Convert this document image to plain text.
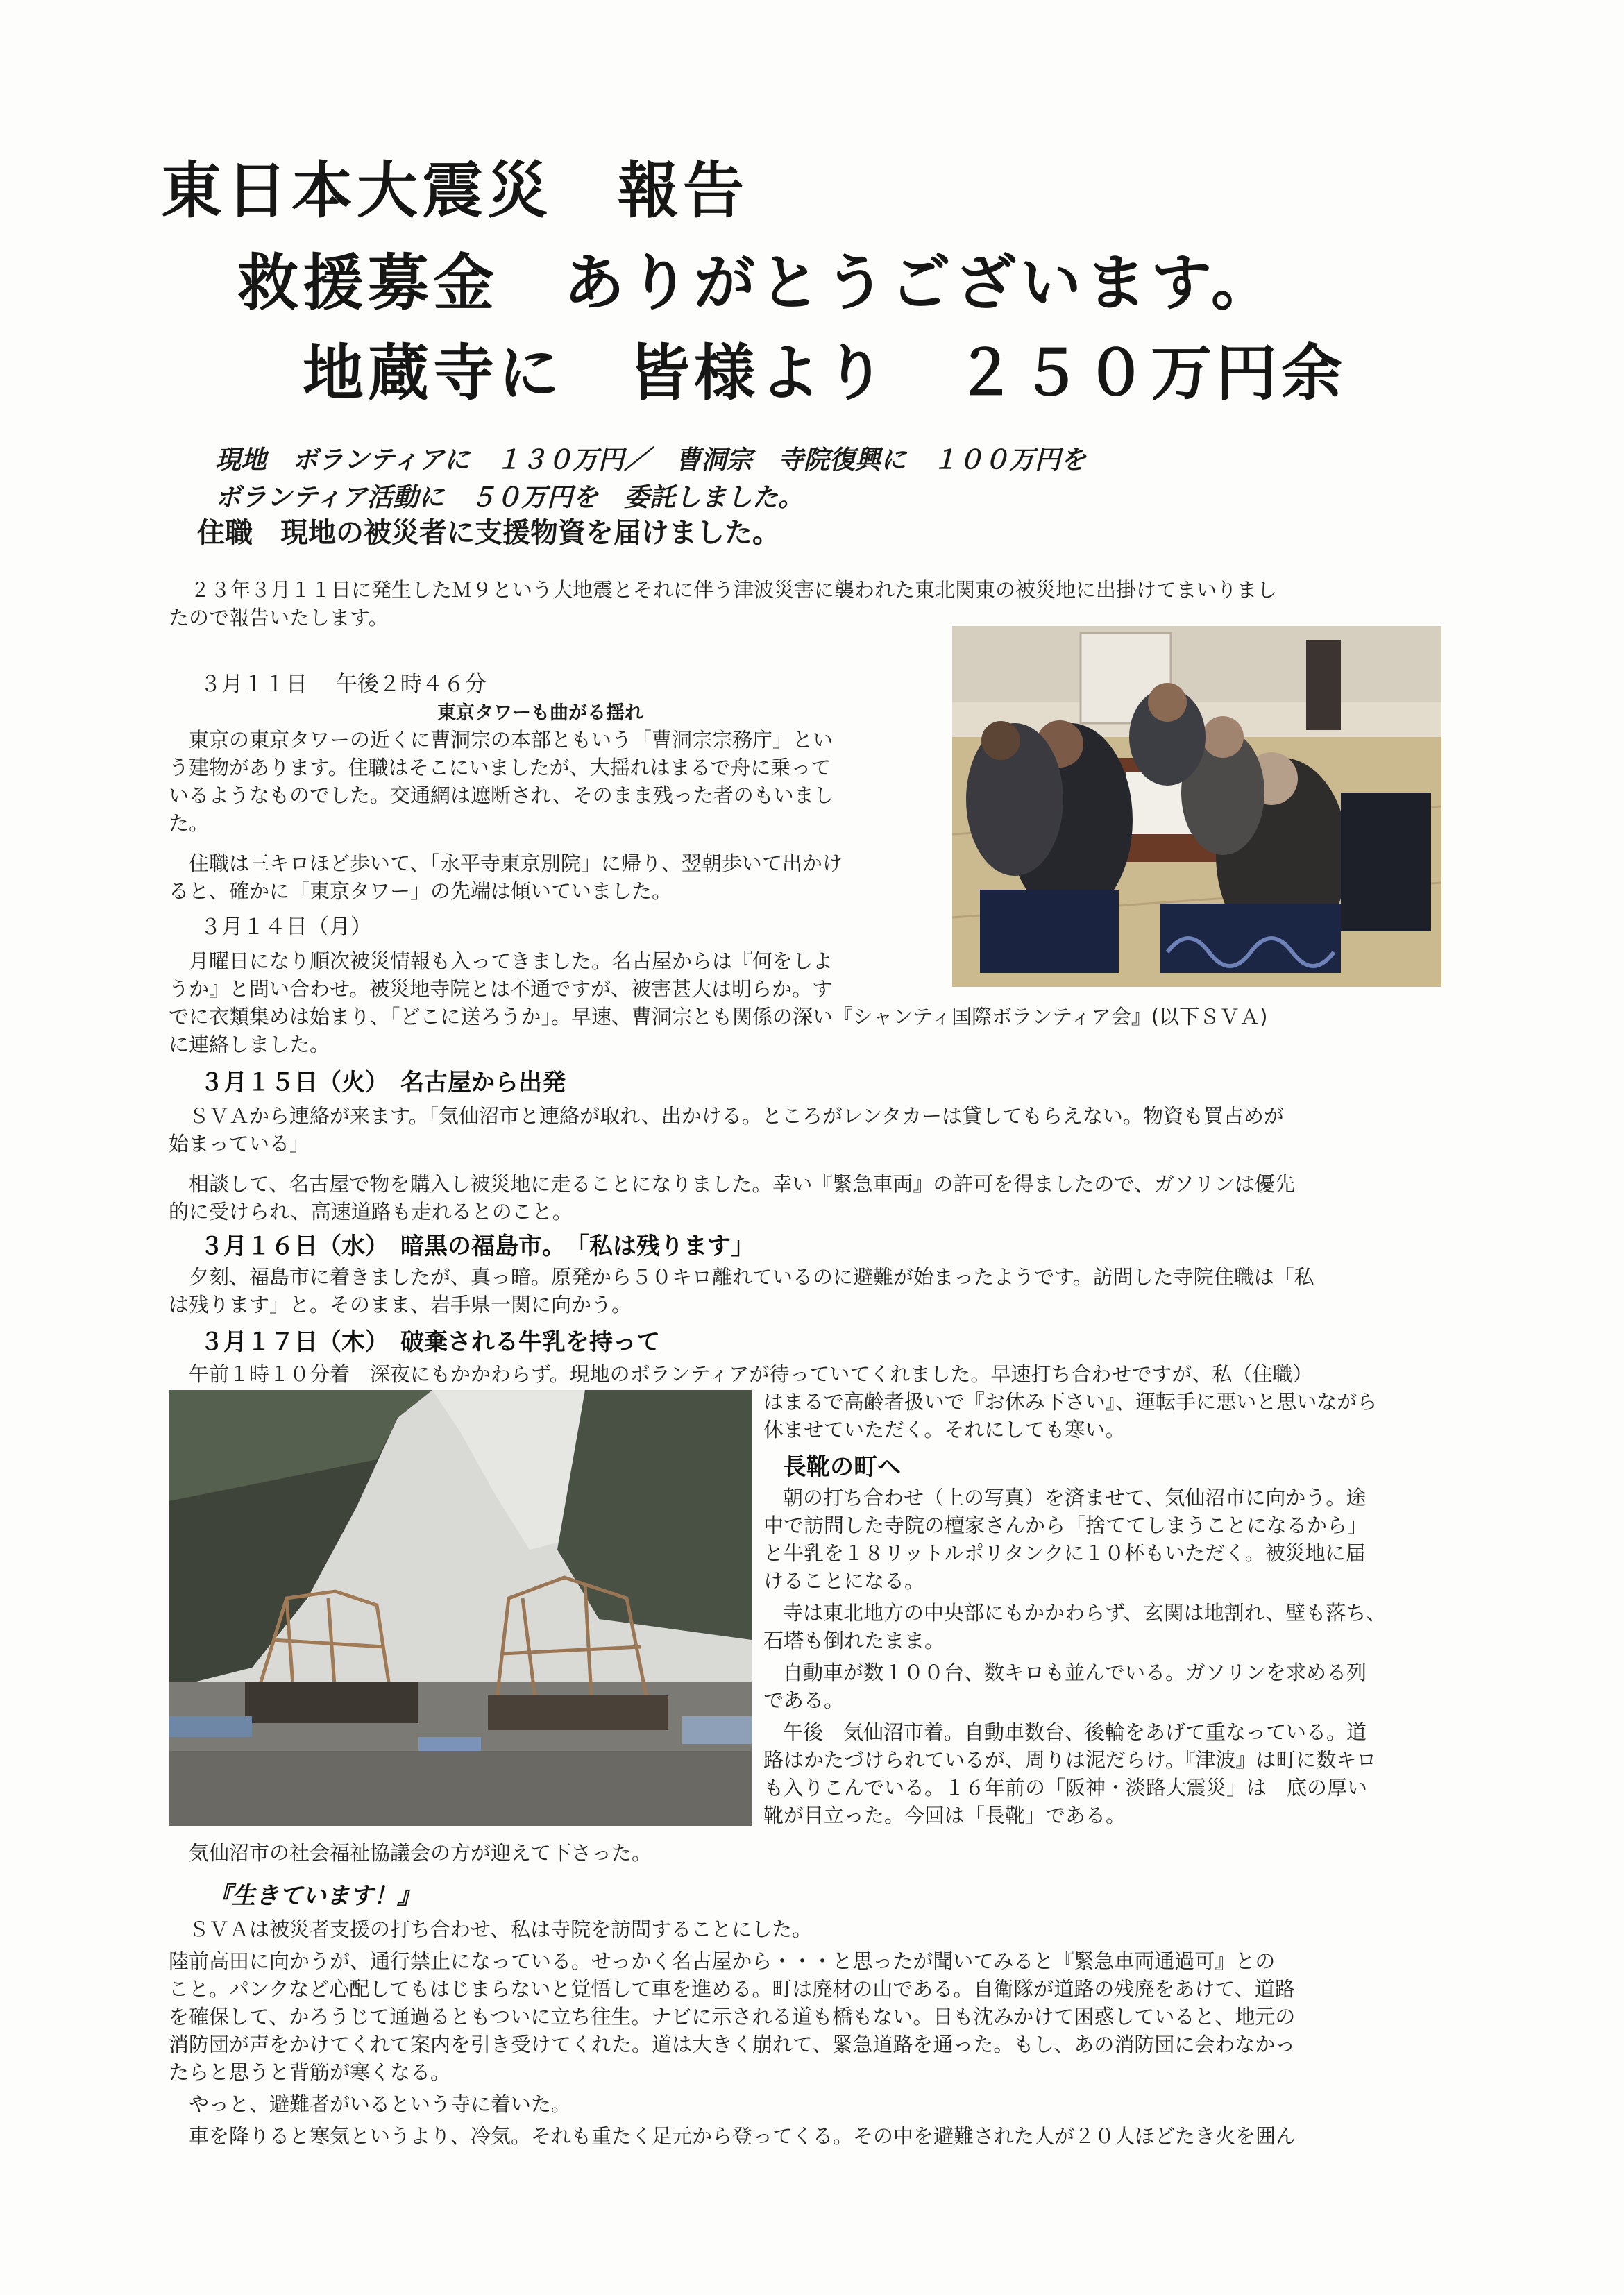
東日本大震災　報告
救援募金　ありがとうございます。
地蔵寺に　皆様より　２５０万円余
現地　ボランティアに　１３０万円／　曹洞宗　寺院復興に　１００万円を
ボランティア活動に　５０万円を　委託しました。
住職　現地の被災者に支援物資を届けました。
２３年３月１１日に発生したＭ９という大地震とそれに伴う津波災害に襲われた東北関東の被災地に出掛けてまいりまし
たので報告いたします。
３月１１日　 午後２時４６分
東京タワーも曲がる揺れ
東京の東京タワーの近くに曹洞宗の本部ともいう「曹洞宗宗務庁」とい
う建物があります。住職はそこにいましたが、大揺れはまるで舟に乗って
いるようなものでした。交通網は遮断され、そのまま残った者のもいまし
た。
住職は三キロほど歩いて、「永平寺東京別院」に帰り、翌朝歩いて出かけ
ると、確かに「東京タワー」の先端は傾いていました。
３月１４日（月）
月曜日になり順次被災情報も入ってきました。名古屋からは『何をしよ
うか』と問い合わせ。被災地寺院とは不通ですが、被害甚大は明らか。す
でに衣類集めは始まり、「どこに送ろうか」。早速、曹洞宗とも関係の深い『シャンティ国際ボランティア会』(以下ＳＶＡ)
に連絡しました。
３月１５日（火）　名古屋から出発
ＳＶＡから連絡が来ます。「気仙沼市と連絡が取れ、出かける。ところがレンタカーは貸してもらえない。物資も買占めが
始まっている」
相談して、名古屋で物を購入し被災地に走ることになりました。幸い『緊急車両』の許可を得ましたので、ガソリンは優先
的に受けられ、高速道路も走れるとのこと。
３月１６日（水）　暗黒の福島市。　「私は残ります」
夕刻、福島市に着きましたが、真っ暗。原発から５０キロ離れているのに避難が始まったようです。訪問した寺院住職は「私
は残ります」と。そのまま、岩手県一関に向かう。
３月１７日（木）　破棄される牛乳を持って
午前１時１０分着　深夜にもかかわらず。現地のボランティアが待っていてくれました。早速打ち合わせですが、私（住職）
はまるで高齢者扱いで『お休み下さい』、運転手に悪いと思いながら
休ませていただく。それにしても寒い。
長靴の町へ
朝の打ち合わせ（上の写真）を済ませて、気仙沼市に向かう。途
中で訪問した寺院の檀家さんから「捨ててしまうことになるから」
と牛乳を１８リットルポリタンクに１０杯もいただく。被災地に届
けることになる。
寺は東北地方の中央部にもかかわらず、玄関は地割れ、壁も落ち、
石塔も倒れたまま。
自動車が数１００台、数キロも並んでいる。ガソリンを求める列
である。
午後　気仙沼市着。自動車数台、後輪をあげて重なっている。道
路はかたづけられているが、周りは泥だらけ。『津波』は町に数キロ
も入りこんでいる。１６年前の「阪神・淡路大震災」は　底の厚い
靴が目立った。今回は「長靴」である。
気仙沼市の社会福祉協議会の方が迎えて下さった。
『生きています！』
ＳＶＡは被災者支援の打ち合わせ、私は寺院を訪問することにした。
陸前高田に向かうが、通行禁止になっている。せっかく名古屋から・・・と思ったが聞いてみると『緊急車両通過可』との
こと。パンクなど心配してもはじまらないと覚悟して車を進める。町は廃材の山である。自衛隊が道路の残廃をあけて、道路
を確保して、かろうじて通過るともついに立ち往生。ナビに示される道も橋もない。日も沈みかけて困惑していると、地元の
消防団が声をかけてくれて案内を引き受けてくれた。道は大きく崩れて、緊急道路を通った。もし、あの消防団に会わなかっ
たらと思うと背筋が寒くなる。
やっと、避難者がいるという寺に着いた。
車を降りると寒気というより、冷気。それも重たく足元から登ってくる。その中を避難された人が２０人ほどたき火を囲ん
